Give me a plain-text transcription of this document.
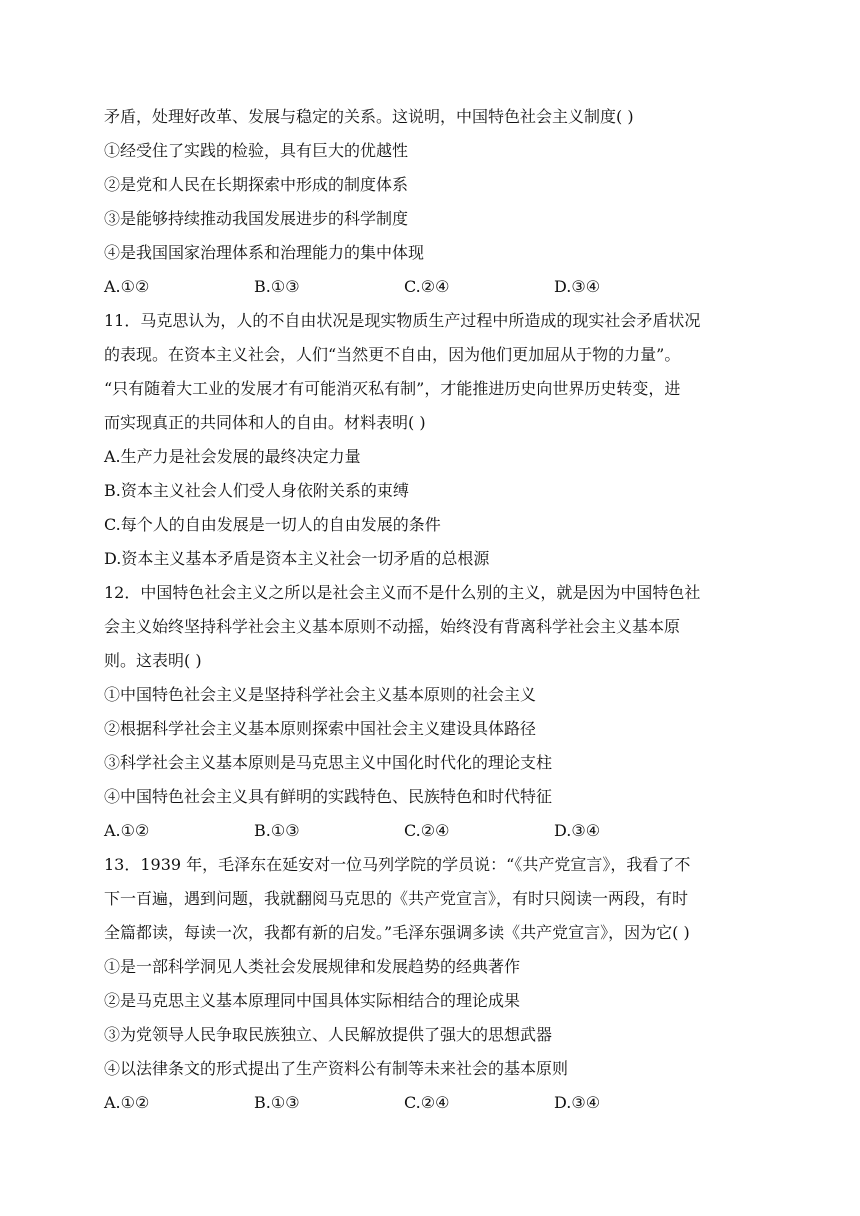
矛盾，处理好改革、发展与稳定的关系。这说明，中国特色社会主义制度( )
①经受住了实践的检验，具有巨大的优越性
②是党和人民在长期探索中形成的制度体系
③是能够持续推动我国发展进步的科学制度
④是我国国家治理体系和治理能力的集中体现
A.①②	B.①③	C.②④	D.③④
11．马克思认为，人的不自由状况是现实物质生产过程中所造成的现实社会矛盾状况
的表现。在资本主义社会，人们“当然更不自由，因为他们更加屈从于物的力量”。
“只有随着大工业的发展才有可能消灭私有制”，才能推进历史向世界历史转变，进
而实现真正的共同体和人的自由。材料表明( )
A.生产力是社会发展的最终决定力量
B.资本主义社会人们受人身依附关系的束缚
C.每个人的自由发展是一切人的自由发展的条件
D.资本主义基本矛盾是资本主义社会一切矛盾的总根源
12．中国特色社会主义之所以是社会主义而不是什么别的主义，就是因为中国特色社
会主义始终坚持科学社会主义基本原则不动摇，始终没有背离科学社会主义基本原
则。这表明( )
①中国特色社会主义是坚持科学社会主义基本原则的社会主义
②根据科学社会主义基本原则探索中国社会主义建设具体路径
③科学社会主义基本原则是马克思主义中国化时代化的理论支柱
④中国特色社会主义具有鲜明的实践特色、民族特色和时代特征
A.①②	B.①③	C.②④	D.③④
13．1939 年，毛泽东在延安对一位马列学院的学员说：“《共产党宣言》，我看了不
下一百遍，遇到问题，我就翻阅马克思的《共产党宣言》，有时只阅读一两段，有时
全篇都读，每读一次，我都有新的启发。”毛泽东强调多读《共产党宣言》，因为它( )
①是一部科学洞见人类社会发展规律和发展趋势的经典著作
②是马克思主义基本原理同中国具体实际相结合的理论成果
③为党领导人民争取民族独立、人民解放提供了强大的思想武器
④以法律条文的形式提出了生产资料公有制等未来社会的基本原则
A.①②	B.①③	C.②④	D.③④
